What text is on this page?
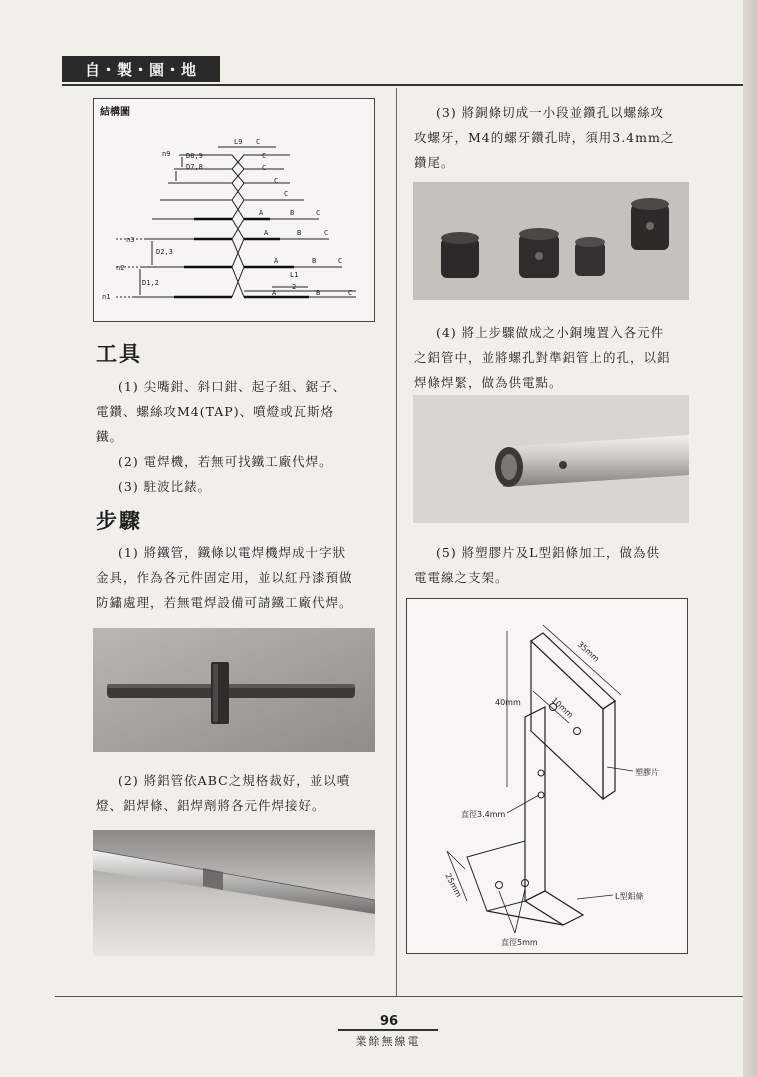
自・製・園・地
結構圖
L9 C
n9 D8,9
D7,8
C
C
C
C
A	B	C
A	B	C
n3
D2,3
A	B	C
n2
L1
D1,2
A
2
B	C
n1
工具

(1) 尖嘴鉗、斜口鉗、起子組、鋸子、

電鑽、螺絲攻M4(TAP)、噴燈或瓦斯烙

鐵。

(2) 電焊機，若無可找鐵工廠代焊。

(3) 駐波比錶。

步驟

(1) 將鐵管，鐵條以電焊機焊成十字狀

金具，作為各元件固定用，並以紅丹漆預做

防鏽處理，若無電焊設備可請鐵工廠代焊。

(2) 將鋁管依ABC之規格裁好，並以噴

燈、鋁焊條、鋁焊劑將各元件焊接好。

(3) 將銅條切成一小段並鑽孔以螺絲攻

攻螺牙，M4的螺牙鑽孔時，須用3.4mm之

鑽尾。

(4) 將上步驟做成之小銅塊置入各元件

之鋁管中，並將螺孔對準鋁管上的孔，以鋁

焊條焊緊，做為供電點。

(5) 將塑膠片及L型鋁條加工，做為供

電電線之支架。

35mm
40mm	10mm
塑膠片
直徑3.4mm
25mm	L型鋁條
直徑5mm
96
業餘無線電
